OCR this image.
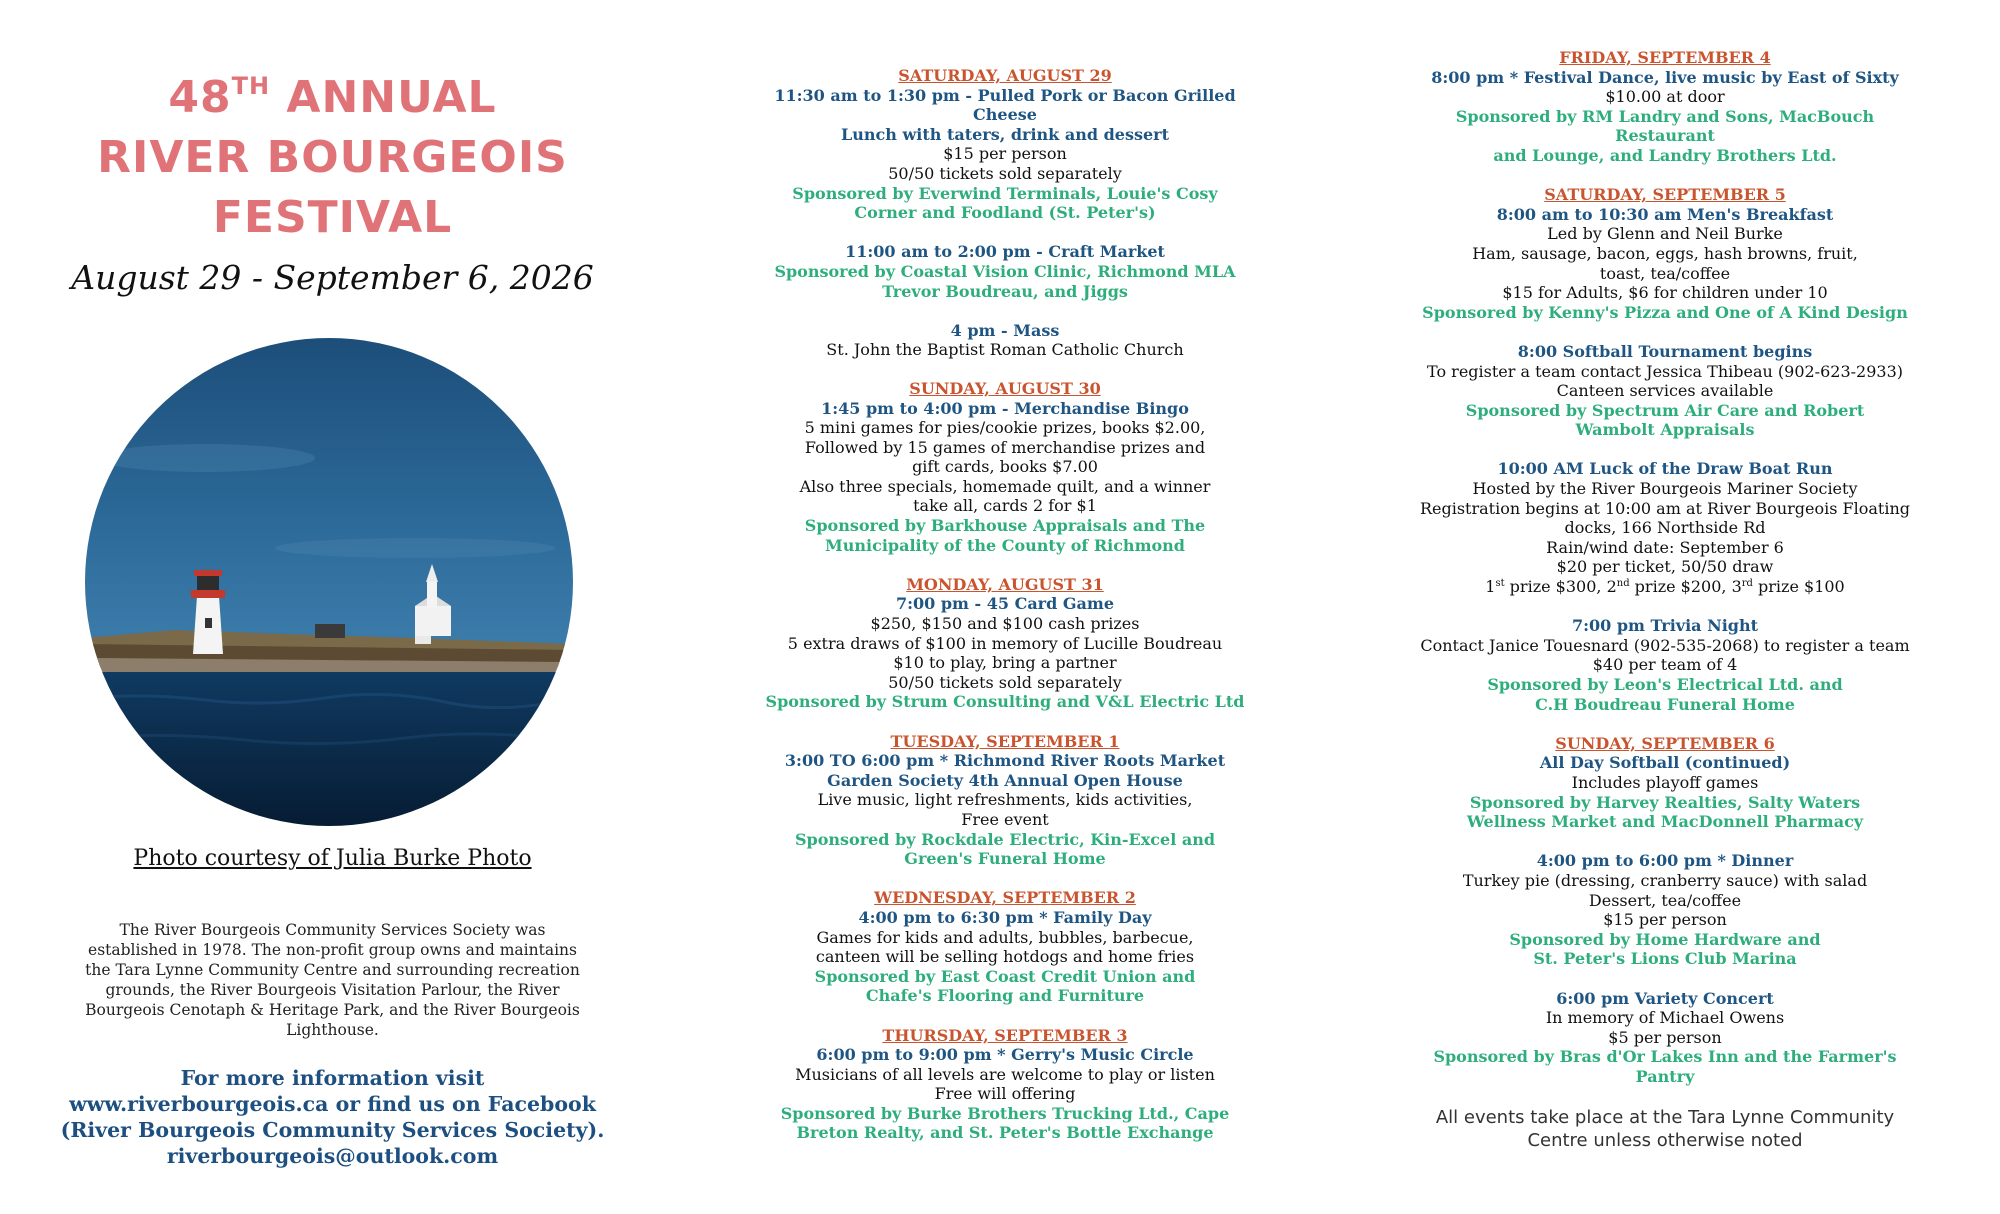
48TH ANNUAL
RIVER BOURGEOIS
FESTIVAL
August 29 - September 6, 2026
Photo courtesy of Julia Burke Photo
The River Bourgeois Community Services Society was
established in 1978. The non-profit group owns and maintains
the Tara Lynne Community Centre and surrounding recreation
grounds, the River Bourgeois Visitation Parlour, the River
Bourgeois Cenotaph & Heritage Park, and the River Bourgeois
Lighthouse.
For more information visit
www.riverbourgeois.ca or find us on Facebook
(River Bourgeois Community Services Society).
riverbourgeois@outlook.com
SATURDAY, AUGUST 29
11:30 am to 1:30 pm - Pulled Pork or Bacon Grilled Cheese
Lunch with taters, drink and dessert
$15 per person
50/50 tickets sold separately
Sponsored by Everwind Terminals, Louie's Cosy
Corner and Foodland (St. Peter's)
11:00 am to 2:00 pm - Craft Market
Sponsored by Coastal Vision Clinic, Richmond MLA
Trevor Boudreau, and Jiggs
4 pm - Mass
St. John the Baptist Roman Catholic Church
SUNDAY, AUGUST 30
1:45 pm to 4:00 pm - Merchandise Bingo
5 mini games for pies/cookie prizes, books $2.00,
Followed by 15 games of merchandise prizes and
gift cards, books $7.00
Also three specials, homemade quilt, and a winner
take all, cards 2 for $1
Sponsored by Barkhouse Appraisals and The
Municipality of the County of Richmond
MONDAY, AUGUST 31
7:00 pm - 45 Card Game
$250, $150 and $100 cash prizes
5 extra draws of $100 in memory of Lucille Boudreau
$10 to play, bring a partner
50/50 tickets sold separately
Sponsored by Strum Consulting and V&L Electric Ltd
TUESDAY, SEPTEMBER 1
3:00 TO 6:00 pm * Richmond River Roots Market
Garden Society 4th Annual Open House
Live music, light refreshments, kids activities,
Free event
Sponsored by Rockdale Electric, Kin-Excel and
Green's Funeral Home
WEDNESDAY, SEPTEMBER 2
4:00 pm to 6:30 pm * Family Day
Games for kids and adults, bubbles, barbecue,
canteen will be selling hotdogs and home fries
Sponsored by East Coast Credit Union and
Chafe's Flooring and Furniture
THURSDAY, SEPTEMBER 3
6:00 pm to 9:00 pm * Gerry's Music Circle
Musicians of all levels are welcome to play or listen
Free will offering
Sponsored by Burke Brothers Trucking Ltd., Cape
Breton Realty, and St. Peter's Bottle Exchange
FRIDAY, SEPTEMBER 4
8:00 pm * Festival Dance, live music by East of Sixty
$10.00 at door
Sponsored by RM Landry and Sons, MacBouch Restaurant
and Lounge, and Landry Brothers Ltd.
SATURDAY, SEPTEMBER 5
8:00 am to 10:30 am Men's Breakfast
Led by Glenn and Neil Burke
Ham, sausage, bacon, eggs, hash browns, fruit,
toast, tea/coffee
$15 for Adults, $6 for children under 10
Sponsored by Kenny's Pizza and One of A Kind Design
8:00 Softball Tournament begins
To register a team contact Jessica Thibeau (902-623-2933)
Canteen services available
Sponsored by Spectrum Air Care and Robert
Wambolt Appraisals
10:00 AM Luck of the Draw Boat Run
Hosted by the River Bourgeois Mariner Society
Registration begins at 10:00 am at River Bourgeois Floating
docks, 166 Northside Rd
Rain/wind date: September 6
$20 per ticket, 50/50 draw
1st prize $300, 2nd prize $200, 3rd prize $100
7:00 pm Trivia Night
Contact Janice Touesnard (902-535-2068) to register a team
$40 per team of 4
Sponsored by Leon's Electrical Ltd. and
C.H Boudreau Funeral Home
SUNDAY, SEPTEMBER 6
All Day Softball (continued)
Includes playoff games
Sponsored by Harvey Realties, Salty Waters
Wellness Market and MacDonnell Pharmacy
4:00 pm to 6:00 pm * Dinner
Turkey pie (dressing, cranberry sauce) with salad
Dessert, tea/coffee
$15 per person
Sponsored by Home Hardware and
St. Peter's Lions Club Marina
6:00 pm Variety Concert
In memory of Michael Owens
$5 per person
Sponsored by Bras d'Or Lakes Inn and the Farmer's Pantry
All events take place at the Tara Lynne Community
Centre unless otherwise noted
